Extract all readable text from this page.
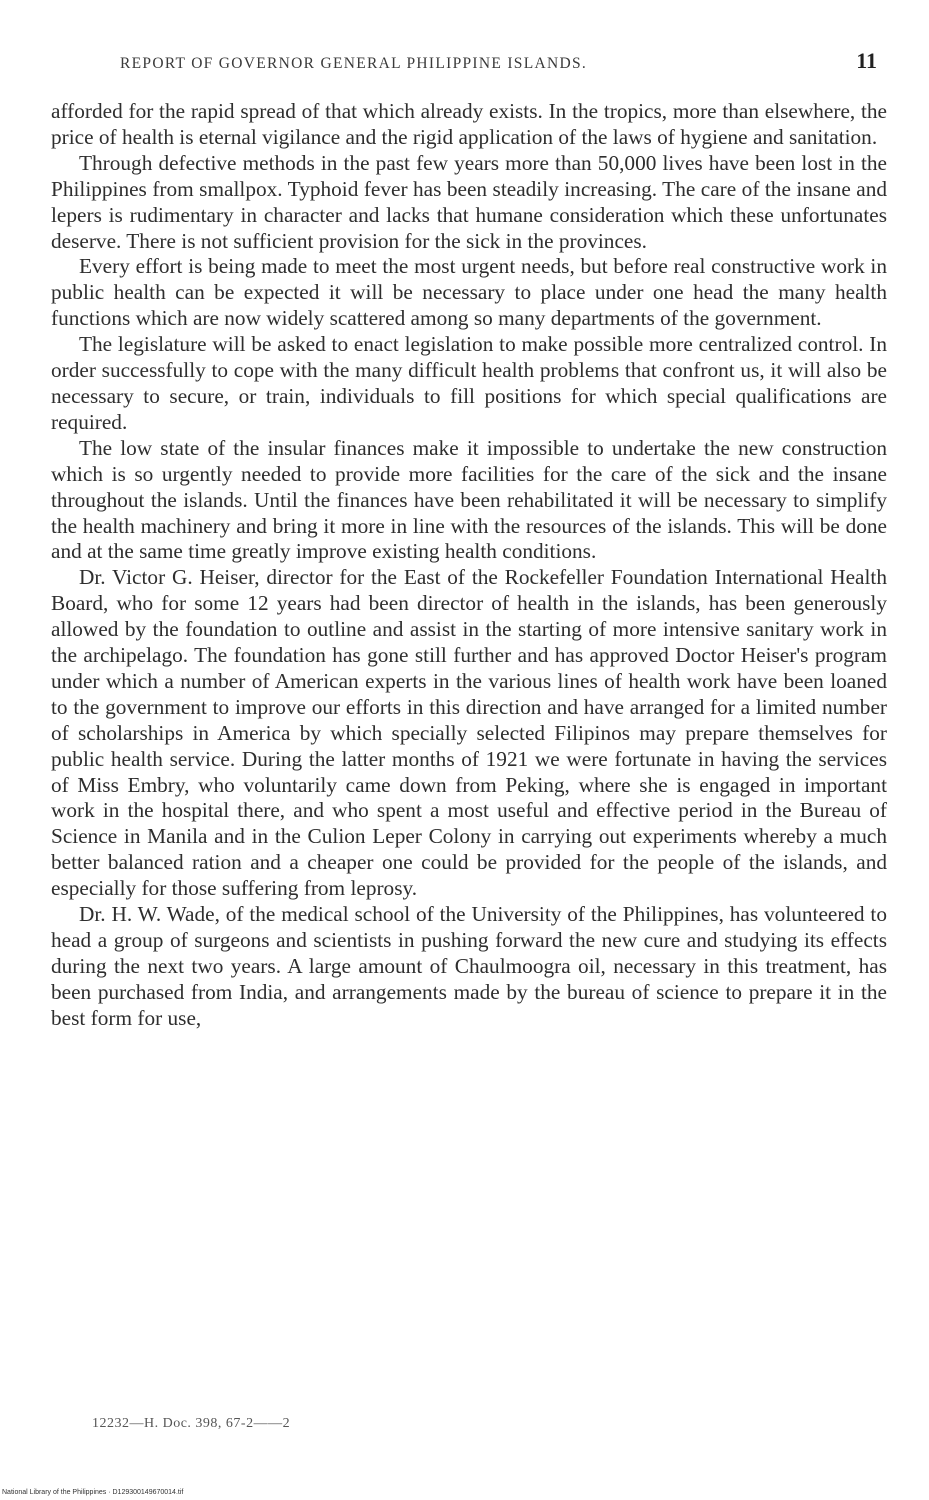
REPORT OF GOVERNOR GENERAL PHILIPPINE ISLANDS.	11

afforded for the rapid spread of that which already exists. In the tropics, more than elsewhere, the price of health is eternal vigilance and the rigid application of the laws of hygiene and sanitation.

Through defective methods in the past few years more than 50,000 lives have been lost in the Philippines from smallpox. Typhoid fever has been steadily increasing. The care of the insane and lepers is rudimentary in character and lacks that humane consideration which these unfortunates deserve. There is not sufficient provision for the sick in the provinces.

Every effort is being made to meet the most urgent needs, but before real constructive work in public health can be expected it will be necessary to place under one head the many health functions which are now widely scattered among so many departments of the government.

The legislature will be asked to enact legislation to make possible more centralized control. In order successfully to cope with the many difficult health problems that confront us, it will also be necessary to secure, or train, individuals to fill positions for which special qualifications are required.

The low state of the insular finances make it impossible to undertake the new construction which is so urgently needed to provide more facilities for the care of the sick and the insane throughout the islands. Until the finances have been rehabilitated it will be necessary to simplify the health machinery and bring it more in line with the resources of the islands. This will be done and at the same time greatly improve existing health conditions.

Dr. Victor G. Heiser, director for the East of the Rockefeller Foundation International Health Board, who for some 12 years had been director of health in the islands, has been generously allowed by the foundation to outline and assist in the starting of more intensive sanitary work in the archipelago. The foundation has gone still further and has approved Doctor Heiser's program under which a number of American experts in the various lines of health work have been loaned to the government to improve our efforts in this direction and have arranged for a limited number of scholarships in America by which specially selected Filipinos may prepare themselves for public health service. During the latter months of 1921 we were fortunate in having the services of Miss Embry, who voluntarily came down from Peking, where she is engaged in important work in the hospital there, and who spent a most useful and effective period in the Bureau of Science in Manila and in the Culion Leper Colony in carrying out experiments whereby a much better balanced ration and a cheaper one could be provided for the people of the islands, and especially for those suffering from leprosy.

Dr. H. W. Wade, of the medical school of the University of the Philippines, has volunteered to head a group of surgeons and scientists in pushing forward the new cure and studying its effects during the next two years. A large amount of Chaulmoogra oil, necessary in this treatment, has been purchased from India, and arrangements made by the bureau of science to prepare it in the best form for use,

12232—H. Doc. 398, 67-2——2
National Library of the Philippines · D129300149670014.tif
